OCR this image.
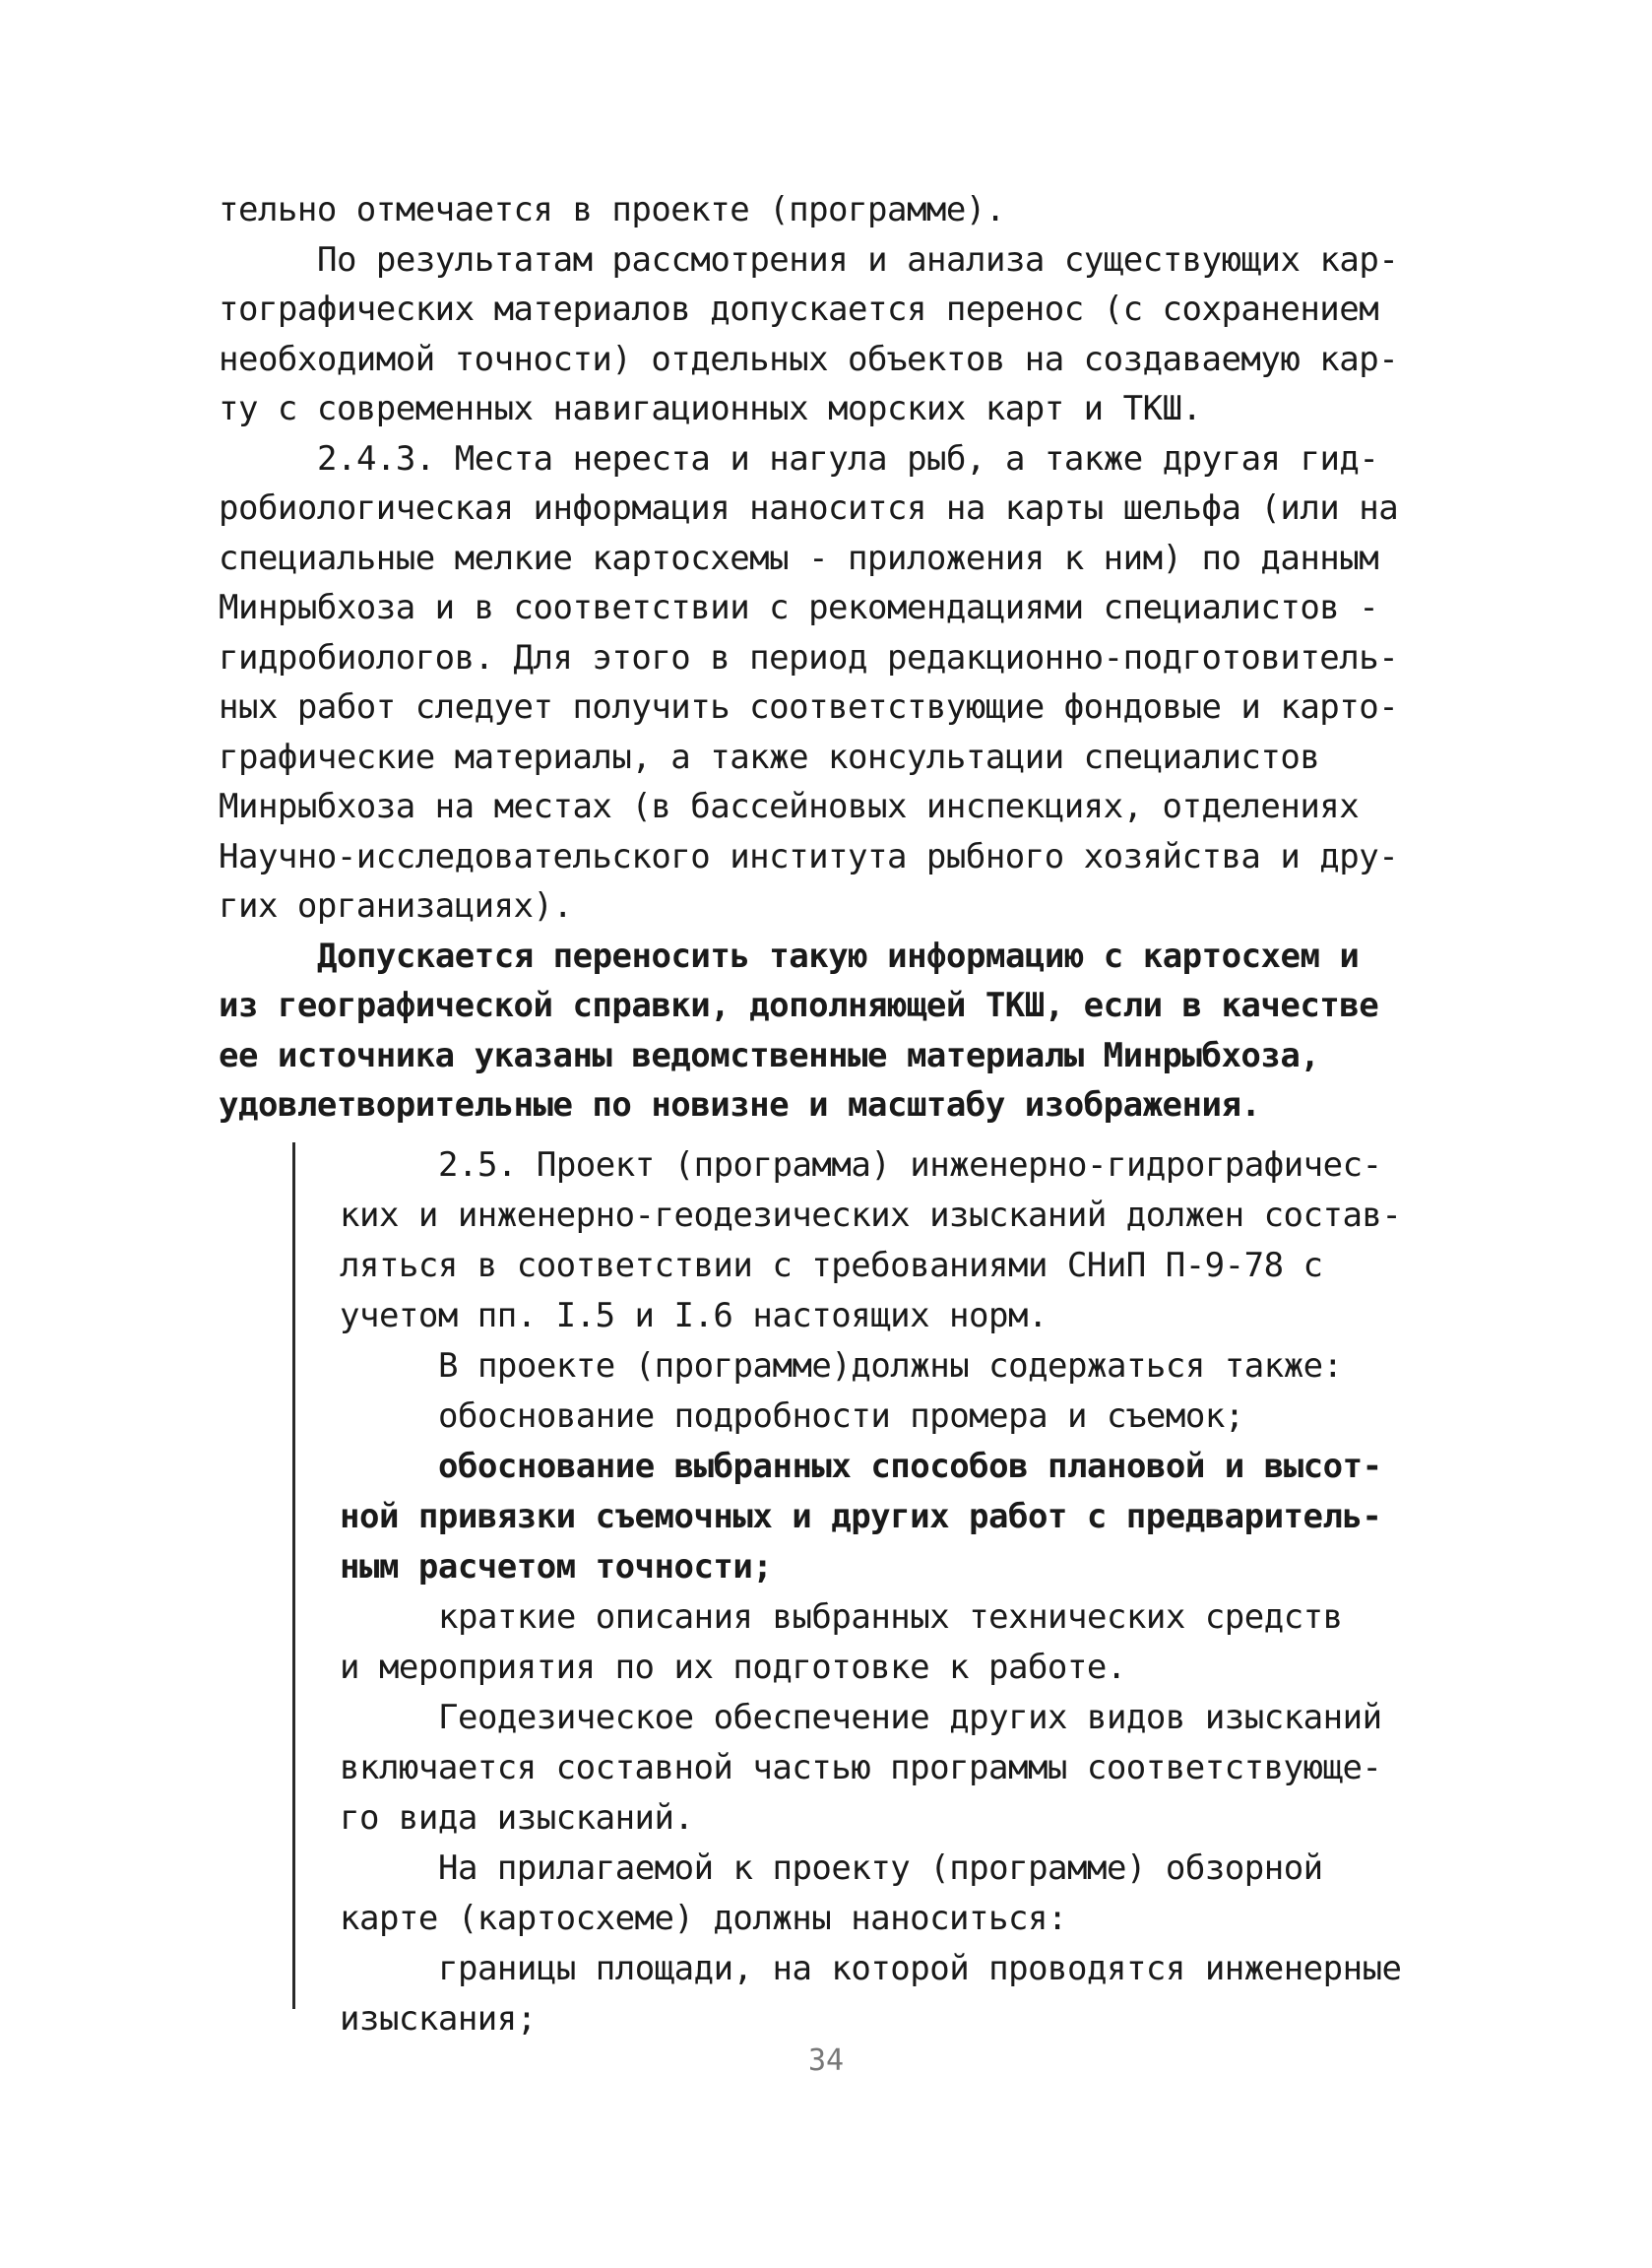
тельно отмечается в проекте (программе).
По результатам рассмотрения и анализа существующих кар-
тографических материалов допускается перенос (с сохранением
необходимой точности) отдельных объектов на создаваемую кар-
ту с современных навигационных морских карт и ТКШ.
2.4.3. Места нереста и нагула рыб, а также другая гид-
робиологическая информация наносится на карты шельфа (или на
специальные мелкие картосхемы - приложения к ним) по данным
Минрыбхоза и в соответствии с рекомендациями специалистов -
гидробиологов. Для этого в период редакционно-подготовитель-
ных работ следует получить соответствующие фондовые и карто-
графические материалы, а также консультации специалистов
Минрыбхоза на местах (в бассейновых инспекциях, отделениях
Научно-исследовательского института рыбного хозяйства и дру-
гих организациях).
Допускается переносить такую информацию с картосхем и
из географической справки, дополняющей ТКШ, если в качестве
ее источника указаны ведомственные материалы Минрыбхоза,
удовлетворительные по новизне и масштабу изображения.
2.5. Проект (программа) инженерно-гидрографичес-
ких и инженерно-геодезических изысканий должен состав-
ляться в соответствии с требованиями СНиП П-9-78 с
учетом пп. I.5 и I.6 настоящих норм.
В проекте (программе)должны содержаться также:
обоснование подробности промера и съемок;
обоснование выбранных способов плановой и высот-
ной привязки съемочных и других работ с предваритель-
ным расчетом точности;
краткие описания выбранных технических средств
и мероприятия по их подготовке к работе.
Геодезическое обеспечение других видов изысканий
включается составной частью программы соответствующе-
го вида изысканий.
На прилагаемой к проекту (программе) обзорной
карте (картосхеме) должны наноситься:
границы площади, на которой проводятся инженерные
изыскания;
34
